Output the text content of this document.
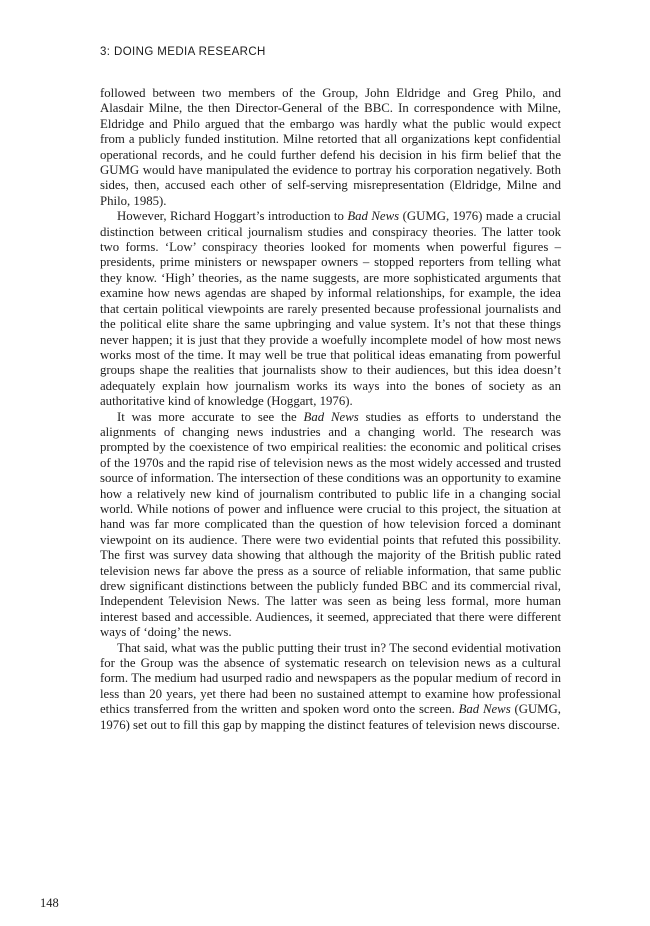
3: DOING MEDIA RESEARCH

followed between two members of the Group, John Eldridge and Greg Philo, and Alasdair Milne, the then Director-General of the BBC. In correspondence with Milne, Eldridge and Philo argued that the embargo was hardly what the public would expect from a publicly funded institution. Milne retorted that all organizations kept confidential operational records, and he could further defend his decision in his firm belief that the GUMG would have manipulated the evidence to portray his corporation negatively. Both sides, then, accused each other of self-serving misrepresentation (Eldridge, Milne and Philo, 1985).

However, Richard Hoggart’s introduction to Bad News (GUMG, 1976) made a crucial distinction between critical journalism studies and conspiracy theories. The latter took two forms. ‘Low’ conspiracy theories looked for moments when powerful figures – presidents, prime ministers or newspaper owners – stopped reporters from telling what they know. ‘High’ theories, as the name suggests, are more sophisticated arguments that examine how news agendas are shaped by informal relationships, for example, the idea that certain political viewpoints are rarely presented because professional journalists and the political elite share the same upbringing and value system. It’s not that these things never happen; it is just that they provide a woefully incomplete model of how most news works most of the time. It may well be true that political ideas emanating from powerful groups shape the realities that journalists show to their audiences, but this idea doesn’t adequately explain how journalism works its ways into the bones of society as an authoritative kind of knowledge (Hoggart, 1976).

It was more accurate to see the Bad News studies as efforts to understand the alignments of changing news industries and a changing world. The research was prompted by the coexistence of two empirical realities: the economic and political crises of the 1970s and the rapid rise of television news as the most widely accessed and trusted source of information. The intersection of these conditions was an opportunity to examine how a relatively new kind of journalism contributed to public life in a changing social world. While notions of power and influence were crucial to this project, the situation at hand was far more complicated than the question of how television forced a dominant viewpoint on its audience. There were two evidential points that refuted this possibility. The first was survey data showing that although the majority of the British public rated television news far above the press as a source of reliable information, that same public drew significant distinctions between the publicly funded BBC and its commercial rival, Independent Television News. The latter was seen as being less formal, more human interest based and accessible. Audiences, it seemed, appreciated that there were different ways of ‘doing’ the news.

That said, what was the public putting their trust in? The second evidential motivation for the Group was the absence of systematic research on television news as a cultural form. The medium had usurped radio and newspapers as the popular medium of record in less than 20 years, yet there had been no sustained attempt to examine how professional ethics transferred from the written and spoken word onto the screen. Bad News (GUMG, 1976) set out to fill this gap by mapping the distinct features of television news discourse.

148
